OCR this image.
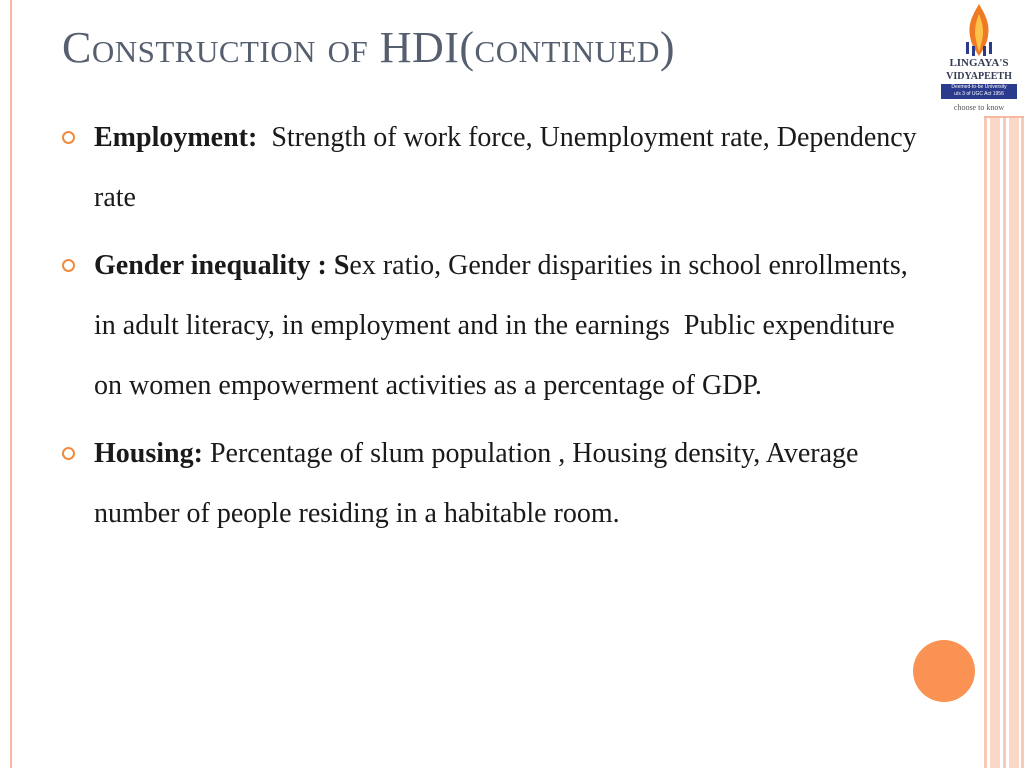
Construction of HDI(continued)	LINGAYA'S
VIDYAPEETH
Deemed-to-be University
u/s 3 of UGC Act 1956
choose to know
Employment:  Strength of work force, Unemployment rate, Dependency rate
Gender inequality : Sex ratio, Gender disparities in school enrollments, in adult literacy, in employment and in the earnings  Public expenditure on women empowerment activities as a percentage of GDP.
Housing: Percentage of slum population , Housing density, Average number of people residing in a habitable room.
